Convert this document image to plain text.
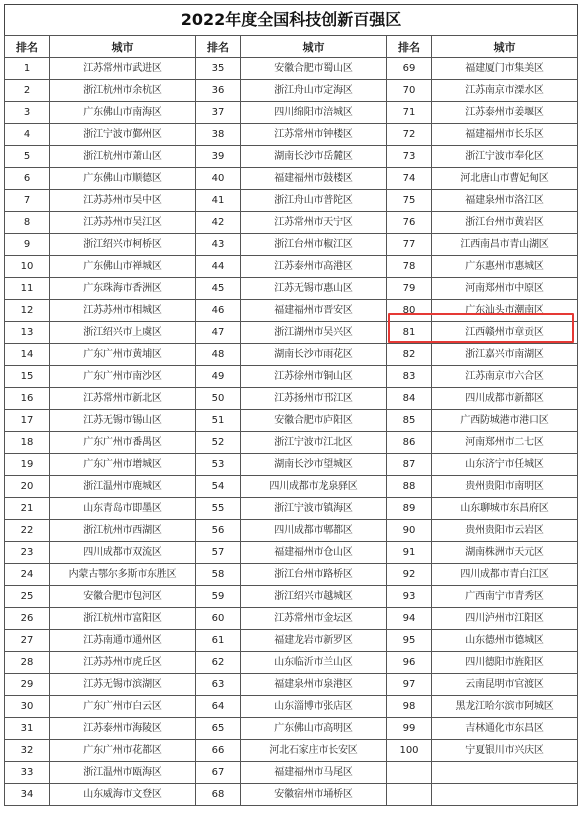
2022年度全国科技创新百强区
排名	城市	排名	城市	排名	城市
1	江苏常州市武进区	35	安徽合肥市蜀山区	69	福建厦门市集美区
2	浙江杭州市余杭区	36	浙江舟山市定海区	70	江苏南京市溧水区
3	广东佛山市南海区	37	四川绵阳市涪城区	71	江苏泰州市姜堰区
4	浙江宁波市鄞州区	38	江苏常州市钟楼区	72	福建福州市长乐区
5	浙江杭州市萧山区	39	湖南长沙市岳麓区	73	浙江宁波市奉化区
6	广东佛山市顺德区	40	福建福州市鼓楼区	74	河北唐山市曹妃甸区
7	江苏苏州市吴中区	41	浙江舟山市普陀区	75	福建泉州市洛江区
8	江苏苏州市吴江区	42	江苏常州市天宁区	76	浙江台州市黄岩区
9	浙江绍兴市柯桥区	43	浙江台州市椒江区	77	江西南昌市青山湖区
10	广东佛山市禅城区	44	江苏泰州市高港区	78	广东惠州市惠城区
11	广东珠海市香洲区	45	江苏无锡市惠山区	79	河南郑州市中原区
12	江苏苏州市相城区	46	福建福州市晋安区	80	广东汕头市潮南区
13	浙江绍兴市上虞区	47	浙江湖州市吴兴区	81	江西赣州市章贡区
14	广东广州市黄埔区	48	湖南长沙市雨花区	82	浙江嘉兴市南湖区
15	广东广州市南沙区	49	江苏徐州市铜山区	83	江苏南京市六合区
16	江苏常州市新北区	50	江苏扬州市邗江区	84	四川成都市新都区
17	江苏无锡市锡山区	51	安徽合肥市庐阳区	85	广西防城港市港口区
18	广东广州市番禺区	52	浙江宁波市江北区	86	河南郑州市二七区
19	广东广州市增城区	53	湖南长沙市望城区	87	山东济宁市任城区
20	浙江温州市鹿城区	54	四川成都市龙泉驿区	88	贵州贵阳市南明区
21	山东青岛市即墨区	55	浙江宁波市镇海区	89	山东聊城市东昌府区
22	浙江杭州市西湖区	56	四川成都市郫都区	90	贵州贵阳市云岩区
23	四川成都市双流区	57	福建福州市仓山区	91	湖南株洲市天元区
24	内蒙古鄂尔多斯市东胜区	58	浙江台州市路桥区	92	四川成都市青白江区
25	安徽合肥市包河区	59	浙江绍兴市越城区	93	广西南宁市青秀区
26	浙江杭州市富阳区	60	江苏常州市金坛区	94	四川泸州市江阳区
27	江苏南通市通州区	61	福建龙岩市新罗区	95	山东德州市德城区
28	江苏苏州市虎丘区	62	山东临沂市兰山区	96	四川德阳市旌阳区
29	江苏无锡市滨湖区	63	福建泉州市泉港区	97	云南昆明市官渡区
30	广东广州市白云区	64	山东淄博市张店区	98	黑龙江哈尔滨市阿城区
31	江苏泰州市海陵区	65	广东佛山市高明区	99	吉林通化市东昌区
32	广东广州市花都区	66	河北石家庄市长安区	100	宁夏银川市兴庆区
33	浙江温州市瓯海区	67	福建福州市马尾区		
34	山东威海市文登区	68	安徽宿州市埇桥区		
